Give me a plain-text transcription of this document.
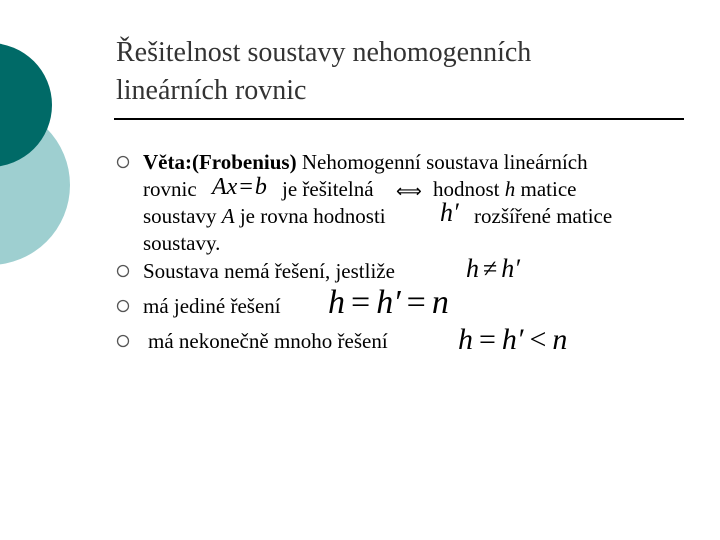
Řešitelnost soustavy nehomogenních
lineárních rovnic
Věta:(Frobenius) Nehomogenní soustava lineárních
rovnic Ax=b je řešitelná ⟺ hodnost h matice
soustavy A je rovna hodnosti h′ rozšířené matice
soustavy.
Soustava nemá řešení, jestliže	h ≠ h′
má jediné řešení h = h′ = n
má nekonečně mnoho řešení h = h′ < n
